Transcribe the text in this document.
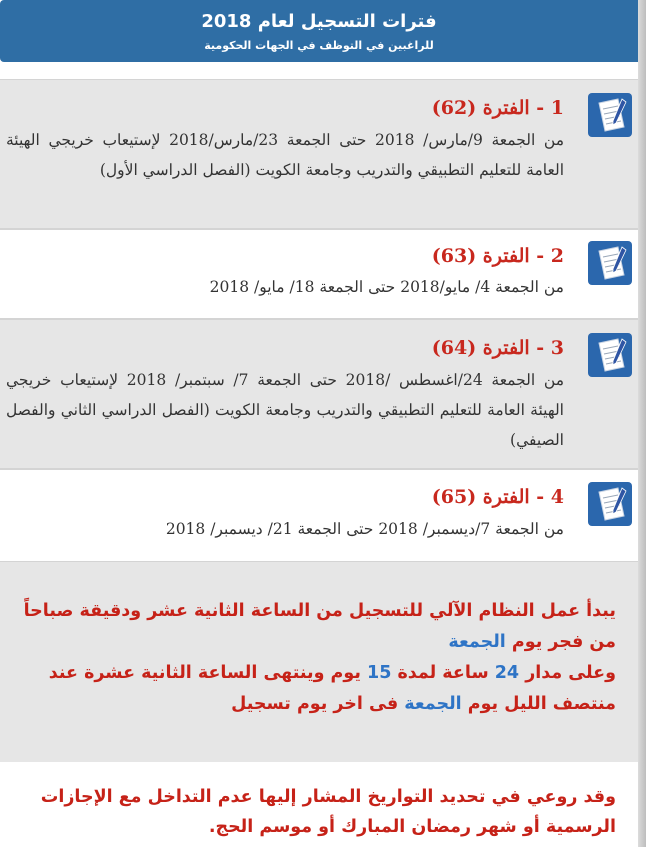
فترات التسجيل لعام 2018
للراغبين في التوظف في الجهات الحكومية
1 - الفترة (62)
من الجمعة 9/مارس/ 2018 حتى الجمعة 23/مارس/2018 لإستيعاب خريجي الهيئة العامة للتعليم التطبيقي والتدريب وجامعة الكويت (الفصل الدراسي الأول)
2 - الفترة (63)
من الجمعة 4/ مايو/2018 حتى الجمعة 18/ مايو/ 2018
3 - الفترة (64)
من الجمعة 24/اغسطس /2018 حتى الجمعة 7/ سبتمبر/ 2018 لإستيعاب خريجي الهيئة العامة للتعليم التطبيقي والتدريب وجامعة الكويت (الفصل الدراسي الثاني والفصل الصيفي)
4 - الفترة (65)
من الجمعة 7/ديسمبر/ 2018 حتى الجمعة 21/ ديسمبر/ 2018
يبدأ عمل النظام الآلي للتسجيل من الساعة الثانية عشر ودقيقة صباحاً من فجر يوم الجمعة
وعلى مدار 24 ساعة لمدة 15 يوم وينتهى الساعة الثانية عشرة عند منتصف الليل يوم الجمعة فى اخر يوم تسجيل
وقد روعي في تحديد التواريخ المشار إليها عدم التداخل مع الإجازات الرسمية أو شهر رمضان المبارك أو موسم الحج.
